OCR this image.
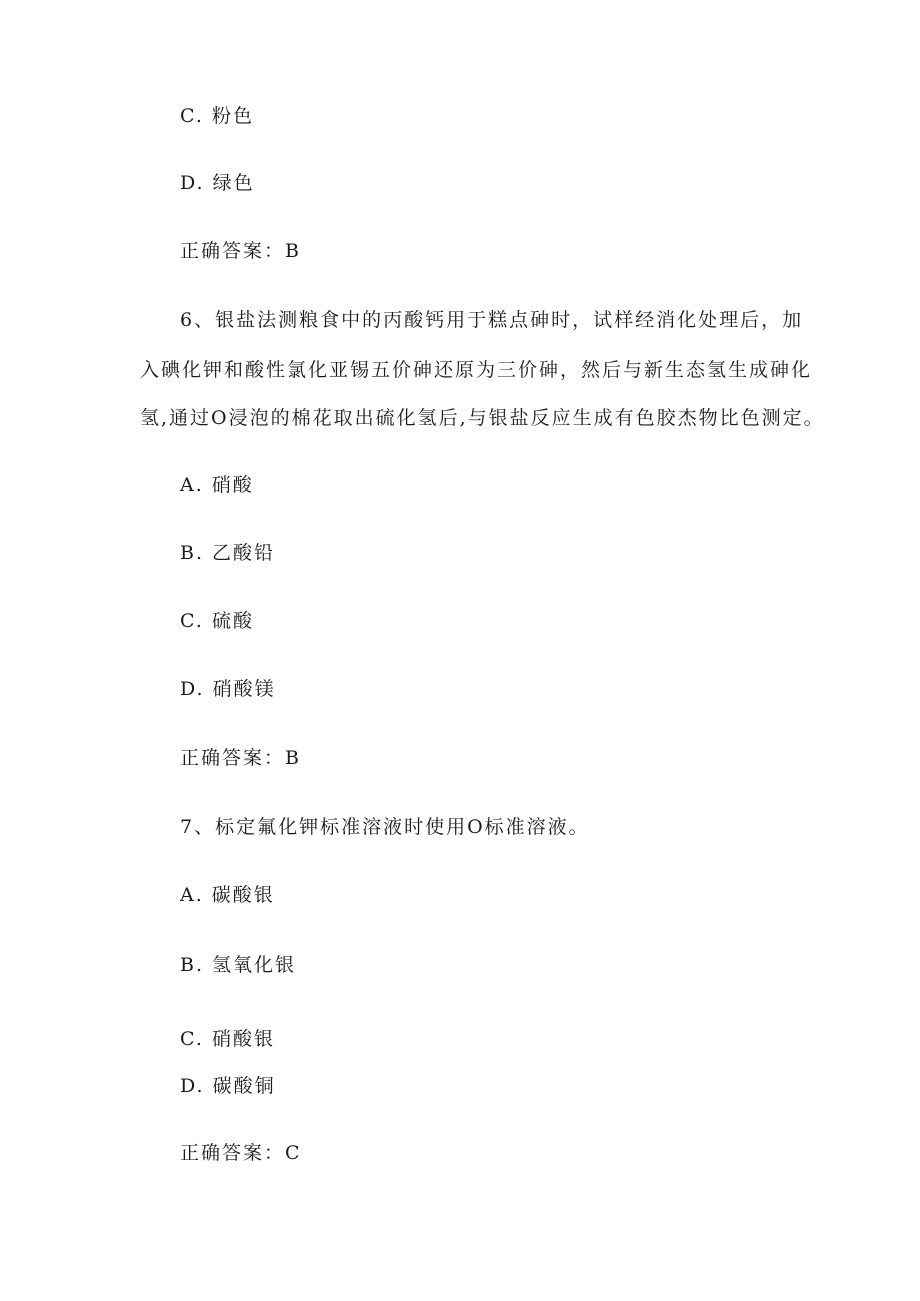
C. 粉色
D. 绿色
正确答案：B
6、银盐法测粮食中的丙酸钙用于糕点砷时，试样经消化处理后，加
入碘化钾和酸性氯化亚锡五价砷还原为三价砷，然后与新生态氢生成砷化
氢,通过O浸泡的棉花取出硫化氢后,与银盐反应生成有色胶杰物比色测定。
A. 硝酸
B. 乙酸铅
C. 硫酸
D. 硝酸镁
正确答案：B
7、标定氟化钾标准溶液时使用O标准溶液。
A. 碳酸银
B. 氢氧化银
C. 硝酸银
D. 碳酸铜
正确答案：C
